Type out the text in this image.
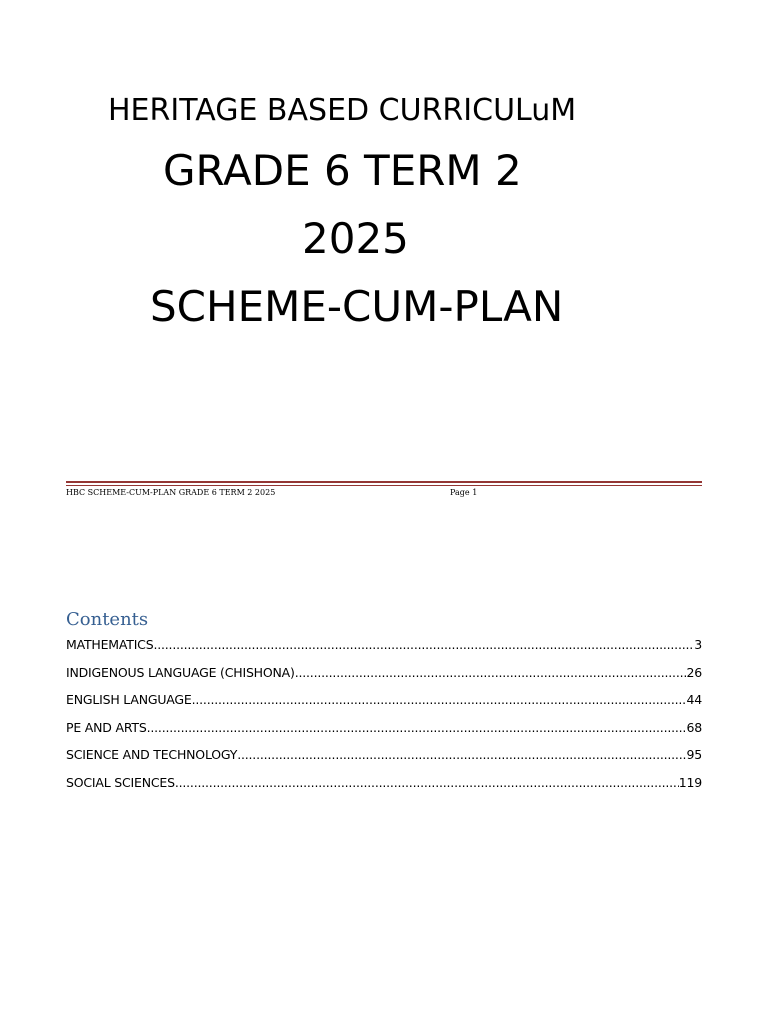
HERITAGE BASED CURRICULuM
GRADE 6 TERM 2
2025
SCHEME-CUM-PLAN
HBC SCHEME-CUM-PLAN GRADE 6 TERM 2 2025	Page 1
Contents
MATHEMATICS .....	3
INDIGENOUS LANGUAGE (CHISHONA) .....	26
ENGLISH LANGUAGE .....	44
PE AND ARTS .....	68
SCIENCE AND TECHNOLOGY .....	95
SOCIAL SCIENCES .....	119
